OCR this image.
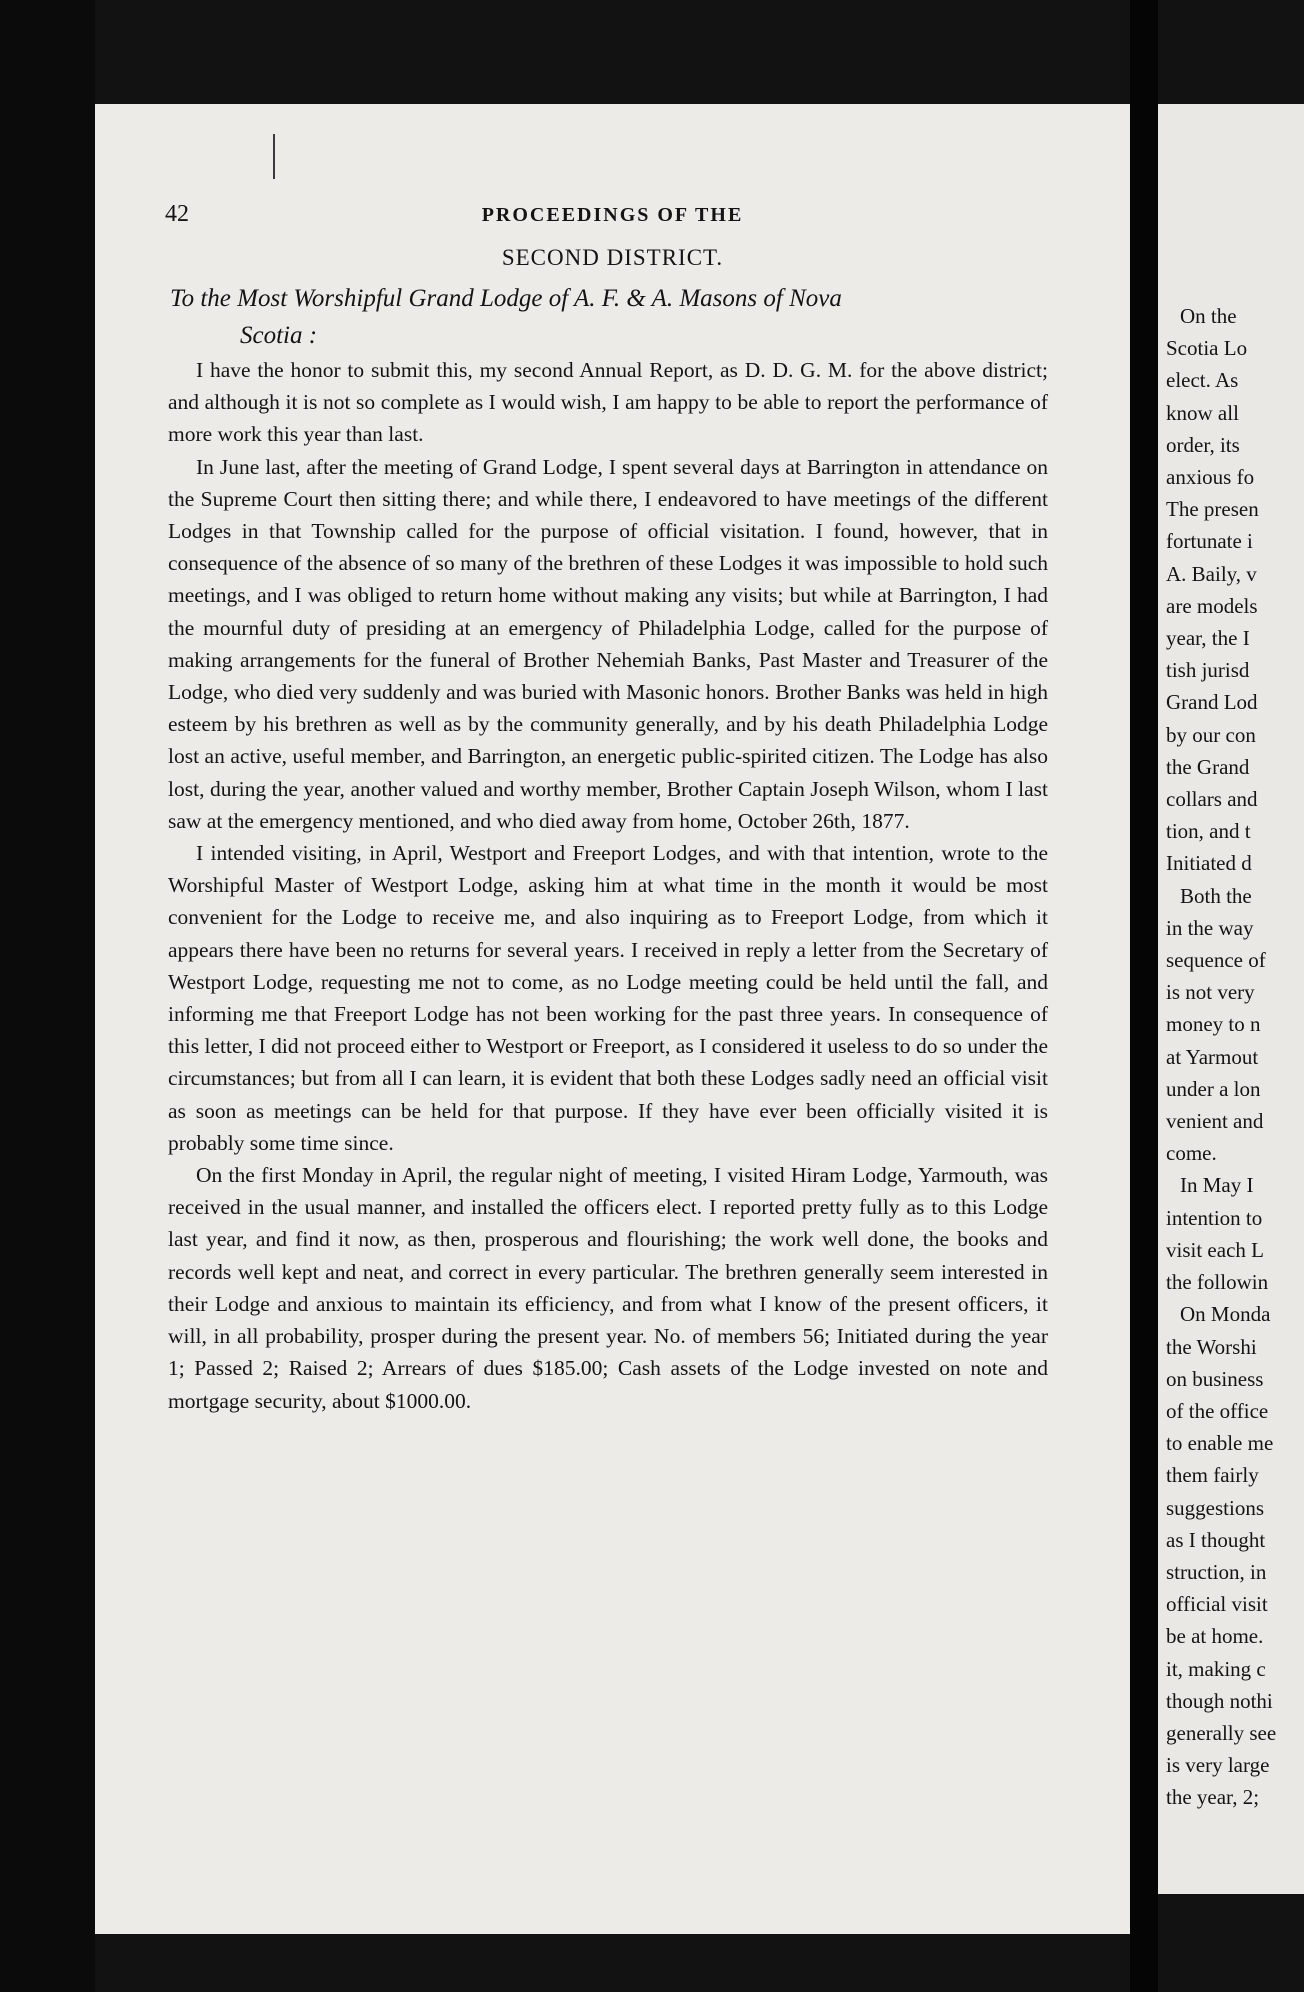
42	PROCEEDINGS OF THE
SECOND DISTRICT.
To the Most Worshipful Grand Lodge of A. F. & A. Masons of Nova
Scotia :

I have the honor to submit this, my second Annual Report, as D. D. G. M. for the above district; and although it is not so complete as I would wish, I am happy to be able to report the performance of more work this year than last.

In June last, after the meeting of Grand Lodge, I spent several days at Barrington in attendance on the Supreme Court then sitting there; and while there, I endeavored to have meetings of the different Lodges in that Township called for the purpose of official visitation. I found, however, that in consequence of the absence of so many of the brethren of these Lodges it was impossible to hold such meetings, and I was obliged to return home without making any visits; but while at Barrington, I had the mournful duty of presiding at an emergency of Philadelphia Lodge, called for the purpose of making arrangements for the funeral of Brother Nehemiah Banks, Past Master and Treasurer of the Lodge, who died very suddenly and was buried with Masonic honors. Brother Banks was held in high esteem by his brethren as well as by the community generally, and by his death Philadelphia Lodge lost an active, useful member, and Barrington, an energetic public-spirited citizen. The Lodge has also lost, during the year, another valued and worthy member, Brother Captain Joseph Wilson, whom I last saw at the emergency mentioned, and who died away from home, October 26th, 1877.

I intended visiting, in April, Westport and Freeport Lodges, and with that intention, wrote to the Worshipful Master of Westport Lodge, asking him at what time in the month it would be most convenient for the Lodge to receive me, and also inquiring as to Freeport Lodge, from which it appears there have been no returns for several years. I received in reply a letter from the Secretary of Westport Lodge, requesting me not to come, as no Lodge meeting could be held until the fall, and informing me that Freeport Lodge has not been working for the past three years. In consequence of this letter, I did not proceed either to Westport or Freeport, as I considered it useless to do so under the circumstances; but from all I can learn, it is evident that both these Lodges sadly need an official visit as soon as meetings can be held for that purpose. If they have ever been officially visited it is probably some time since.

On the first Monday in April, the regular night of meeting, I visited Hiram Lodge, Yarmouth, was received in the usual manner, and installed the officers elect. I reported pretty fully as to this Lodge last year, and find it now, as then, prosperous and flourishing; the work well done, the books and records well kept and neat, and correct in every particular. The brethren generally seem interested in their Lodge and anxious to maintain its efficiency, and from what I know of the present officers, it will, in all probability, prosper during the present year. No. of members 56; Initiated during the year 1; Passed 2; Raised 2; Arrears of dues $185.00; Cash assets of the Lodge invested on note and mortgage security, about $1000.00.

On the
Scotia Lo
elect. As
know all
order, its
anxious fo
The presen
fortunate i
A. Baily, v
are models
year, the I
tish jurisd
Grand Lod
by our con
the Grand
collars and
tion, and t
Initiated d
Both the
in the way
sequence of
is not very
money to n
at Yarmout
under a lon
venient and
come.
In May I
intention to
visit each L
the followin
On Monda
the Worshi
on business
of the office
to enable me
them fairly
suggestions
as I thought
struction, in
official visit
be at home.
it, making c
though nothi
generally see
is very large
the year, 2;
